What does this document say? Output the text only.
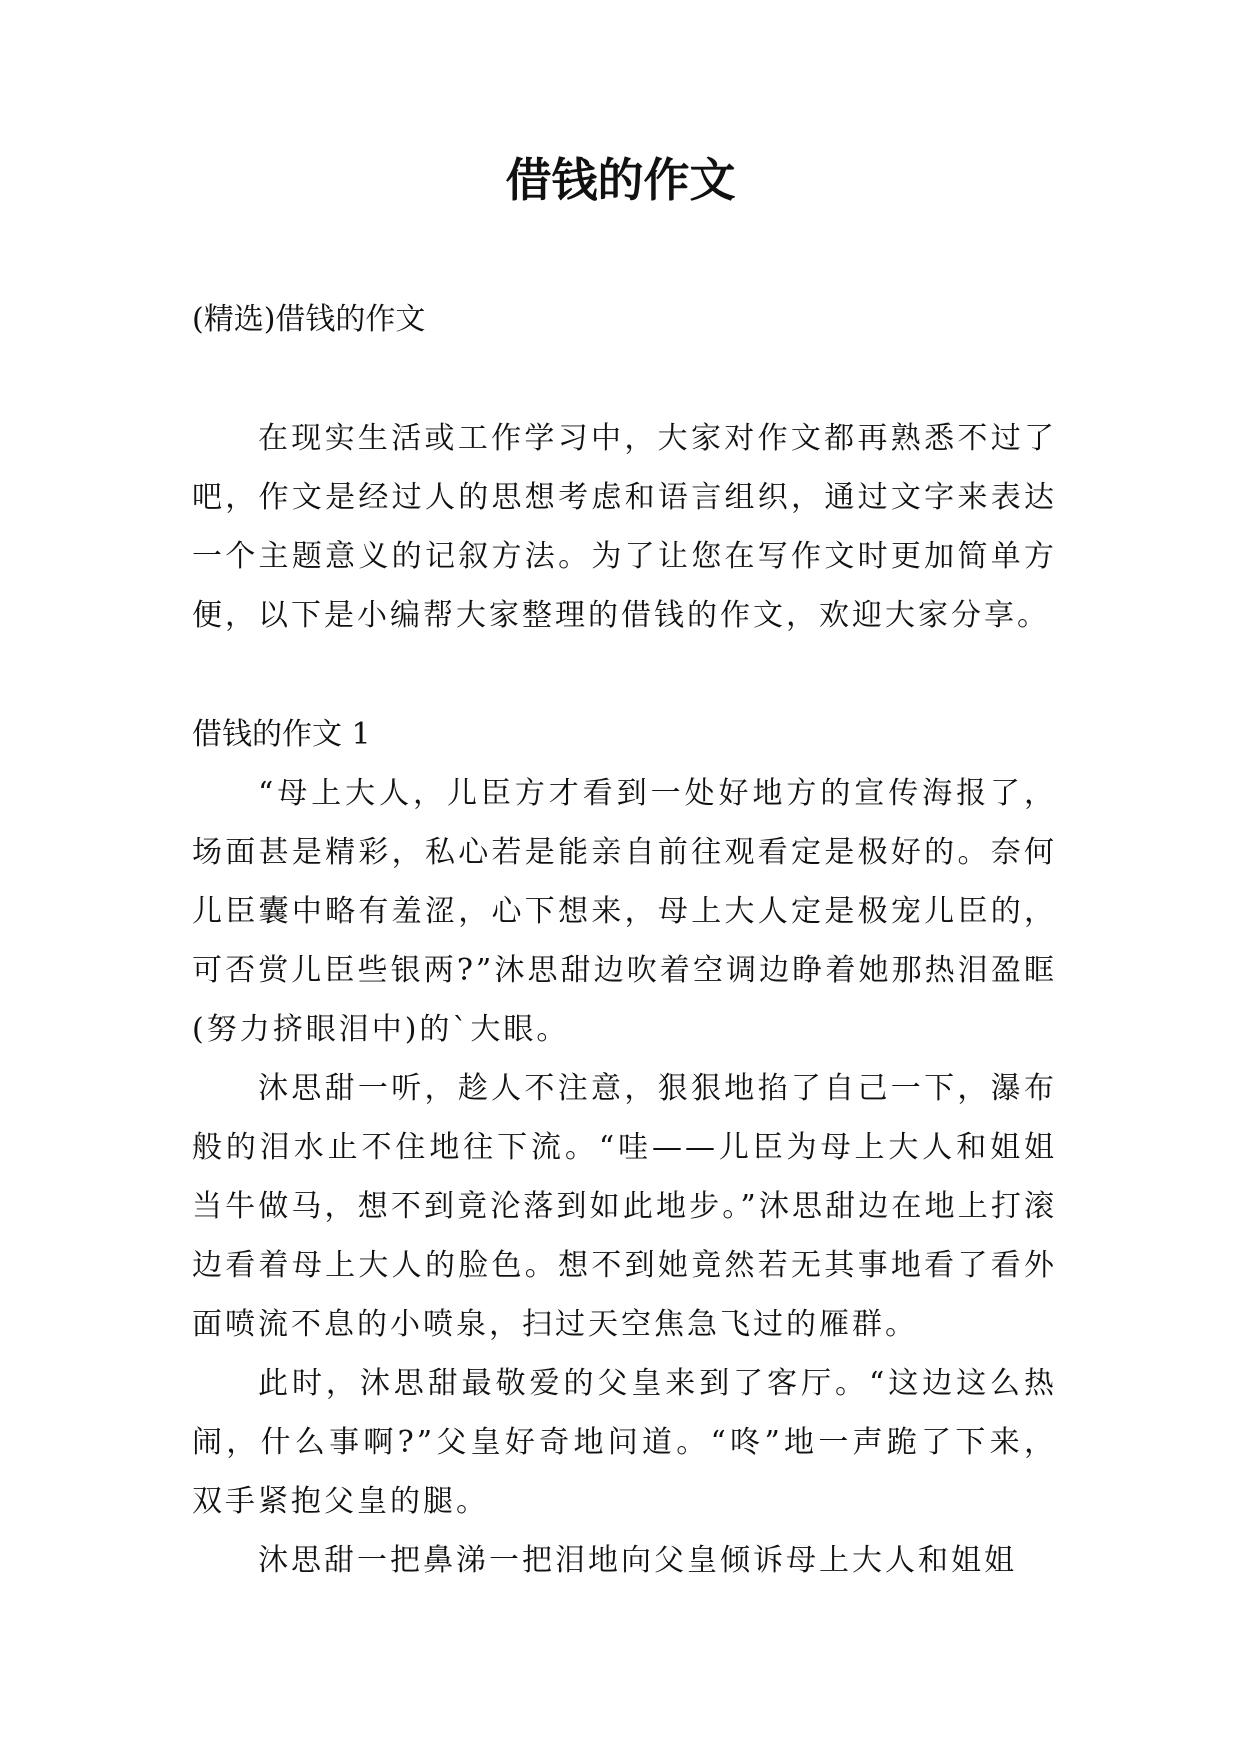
借钱的作文

(精选)借钱的作文

在现实生活或工作学习中，大家对作文都再熟悉不过了吧，作文是经过人的思想考虑和语言组织，通过文字来表达一个主题意义的记叙方法。为了让您在写作文时更加简单方便，以下是小编帮大家整理的借钱的作文，欢迎大家分享。

借钱的作文 1

“母上大人，儿臣方才看到一处好地方的宣传海报了，场面甚是精彩，私心若是能亲自前往观看定是极好的。奈何儿臣囊中略有羞涩，心下想来，母上大人定是极宠儿臣的，可否赏儿臣些银两?”沐思甜边吹着空调边睁着她那热泪盈眶(努力挤眼泪中)的`大眼。

沐思甜一听，趁人不注意，狠狠地掐了自己一下，瀑布般的泪水止不住地往下流。“哇——儿臣为母上大人和姐姐当牛做马，想不到竟沦落到如此地步。”沐思甜边在地上打滚边看着母上大人的脸色。想不到她竟然若无其事地看了看外面喷流不息的小喷泉，扫过天空焦急飞过的雁群。

此时，沐思甜最敬爱的父皇来到了客厅。“这边这么热闹，什么事啊?”父皇好奇地问道。“咚”地一声跪了下来，双手紧抱父皇的腿。

沐思甜一把鼻涕一把泪地向父皇倾诉母上大人和姐姐
